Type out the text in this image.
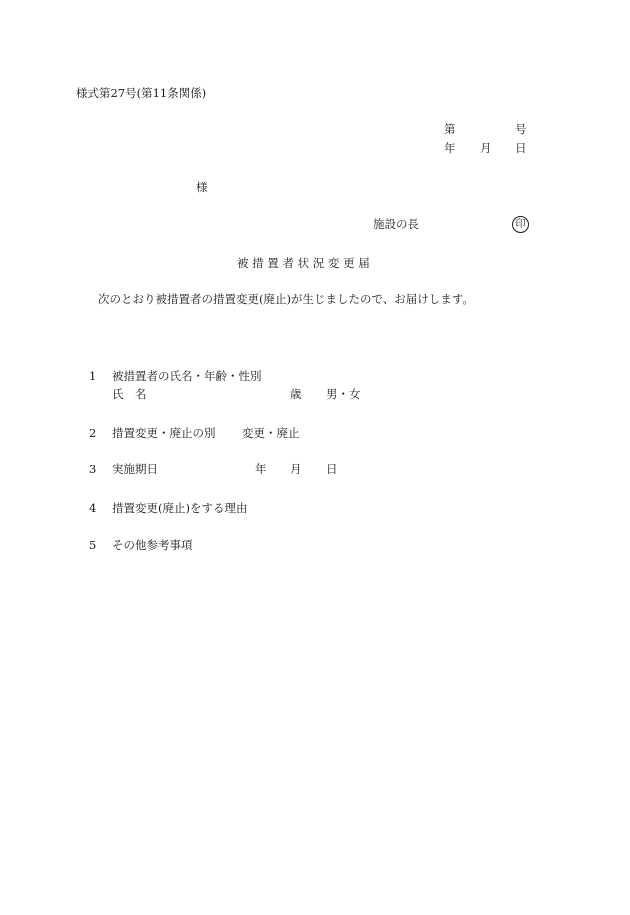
様式第27号(第11条関係)
第	号
年 月 日
様
施設の長	印
被 措 置 者 状 況 変 更 届
次のとおり被措置者の措置変更(廃止)が生じましたので、お届けします。
1 被措置者の氏名・年齢・性別
氏　名	歳 男・女
2 措置変更・廃止の別 変更・廃止
3 実施期日	年 月 日
4 措置変更(廃止)をする理由
5 その他参考事項
